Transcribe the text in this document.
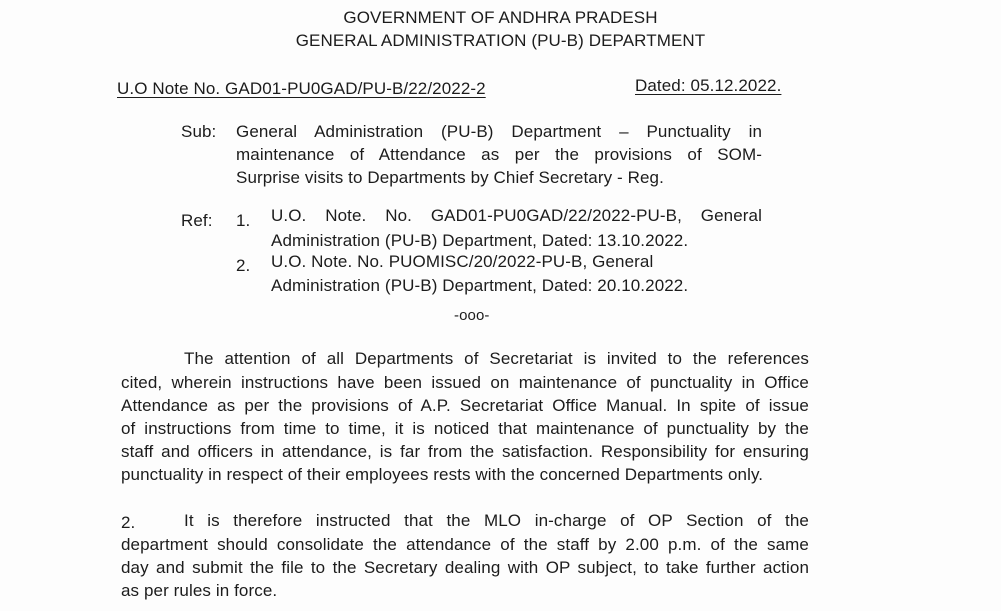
GOVERNMENT OF ANDHRA PRADESH
GENERAL ADMINISTRATION (PU-B) DEPARTMENT
U.O Note No. GAD01-PU0GAD/PU-B/22/2022-2	Dated: 05.12.2022.
Sub: General Administration (PU-B) Department – Punctuality in
maintenance of Attendance as per the provisions of SOM-
Surprise visits to Departments by Chief Secretary - Reg.
Ref: 1. U.O. Note. No. GAD01-PU0GAD/22/2022-PU-B, General
Administration (PU-B) Department, Dated: 13.10.2022.
2. U.O. Note. No. PUOMISC/20/2022-PU-B, General
Administration (PU-B) Department, Dated: 20.10.2022.
-ooo-
The attention of all Departments of Secretariat is invited to the references
cited, wherein instructions have been issued on maintenance of punctuality in Office
Attendance as per the provisions of A.P. Secretariat Office Manual. In spite of issue
of instructions from time to time, it is noticed that maintenance of punctuality by the
staff and officers in attendance, is far from the satisfaction. Responsibility for ensuring
punctuality in respect of their employees rests with the concerned Departments only.
2.	It is therefore instructed that the MLO in-charge of OP Section of the
department should consolidate the attendance of the staff by 2.00 p.m. of the same
day and submit the file to the Secretary dealing with OP subject, to take further action
as per rules in force.
